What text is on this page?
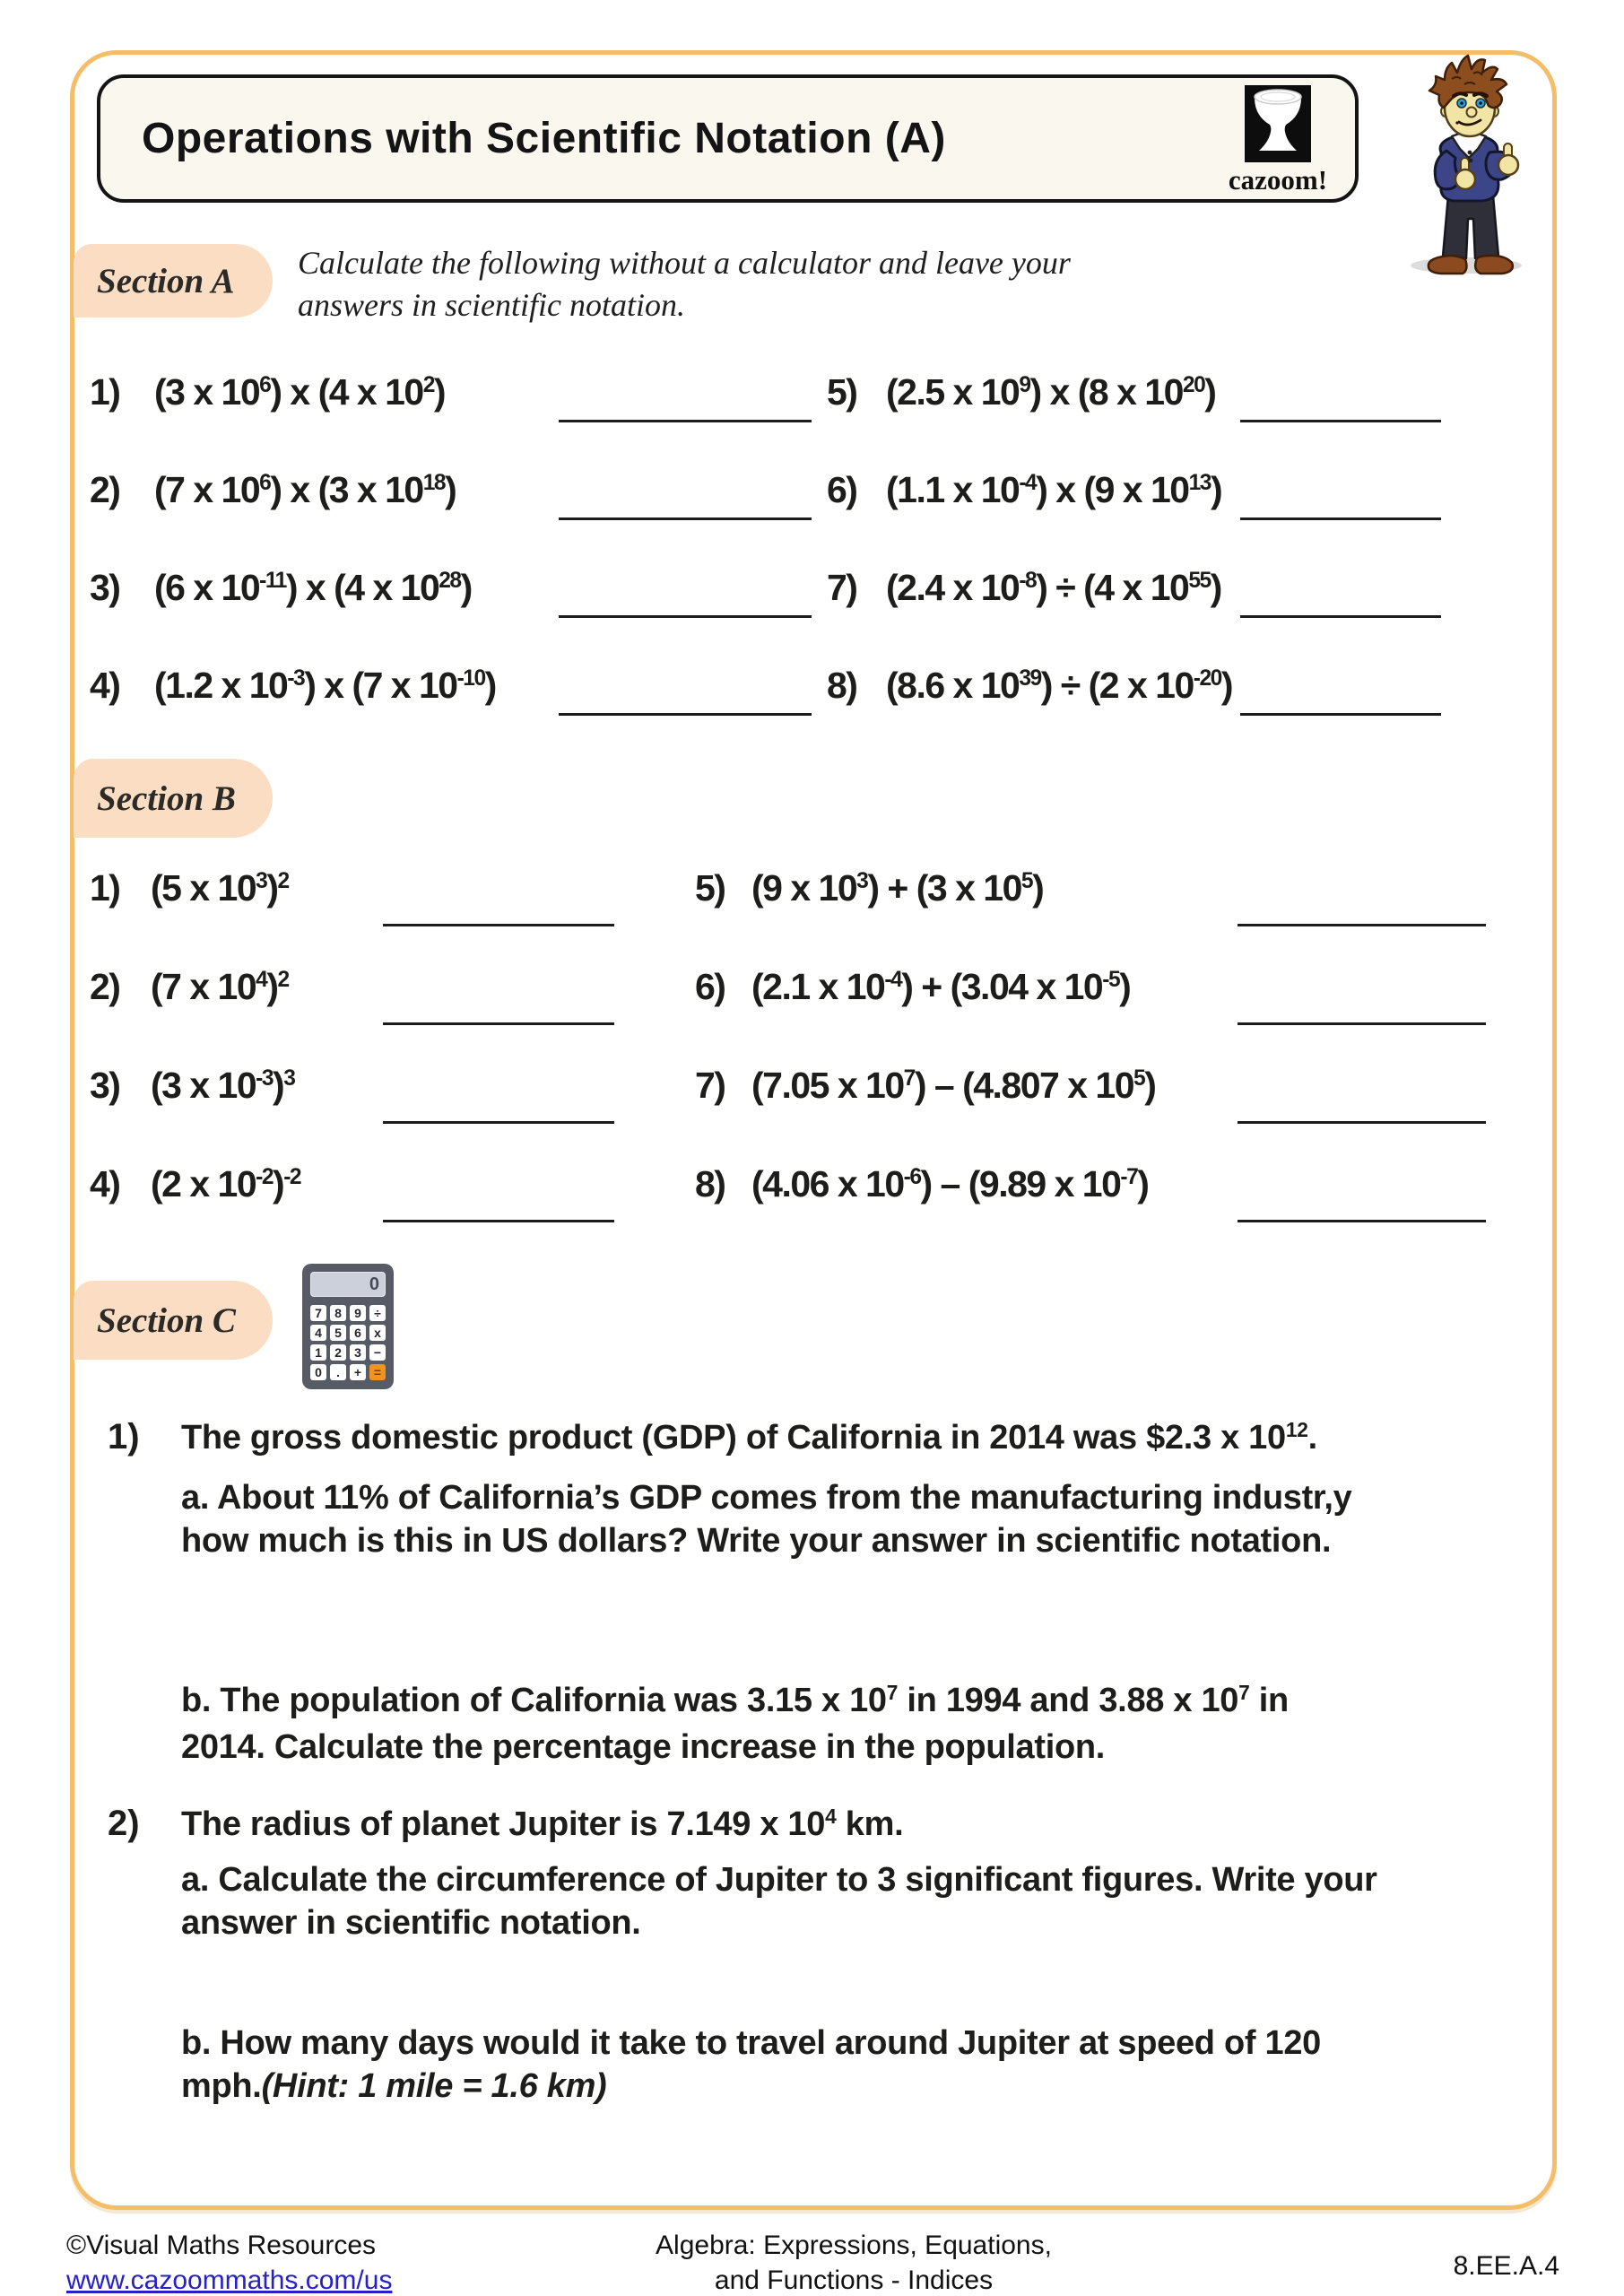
Operations with Scientific Notation (A)
cazoom!
Section A Calculate the following without a calculator and leave your
answers in scientific notation.
1) (3 x $10^6$) x (4 x $10^2$)
2) (7 x $10^6$) x (3 x $10^{18}$)
3) (6 x $10^{-11}$) x (4 x $10^{28}$)
4) (1.2 x $10^{-3}$) x (7 x $10^{-10}$)
5) (2.5 x $10^9$) x (8 x $10^{20}$)
6) (1.1 x $10^{-4}$) x (9 x $10^{13}$)
7) (2.4 x $10^{-8}) \div (4$ x $10^{55}$)
8) (8.6 x $10^{39}) \div (2$ x $10^{-20}$)
Section B
1) (5 x $10^3)^2$
2) (7 x $10^4)^2$
3) (3 x $10^{-3})^3$
4) (2 x $10^{-2})^{-2}$
5) (9 x $10^3) + (3$ x $10^5$)
6) (2.1 x $10^{-4}) + (3.04$ x $10^{-5}$)
7) (7.05 x $10^7) - (4.807$ x $10^5$)
8) (4.06 x $10^{-6}) - (9.89$ x $10^{-7}$)
Section C
0
7	8	9	÷
4	5	6	x
1	2	3	−
0	.	+ =
1) The gross domestic product (GDP) of California in 2014 was $2.3 x $10^{12}$.
a. About 11% of California’s GDP comes from the manufacturing industr,y
how much is this in US dollars? Write your answer in scientific notation.
b. The population of California was 3.15 x $10^7$ in 1994 and 3.88 x $10^7$ in
2014. Calculate the percentage increase in the population.
2) The radius of planet Jupiter is 7.149 x $10^4$ km.
a. Calculate the circumference of Jupiter to 3 significant figures. Write your
answer in scientific notation.
b. How many days would it take to travel around Jupiter at speed of 120
mph.(Hint: 1 mile = 1.6 km)
©Visual Maths Resources
www.cazoommaths.com/us
Algebra: Expressions, Equations,
and Functions - Indices	8.EE.A.4
